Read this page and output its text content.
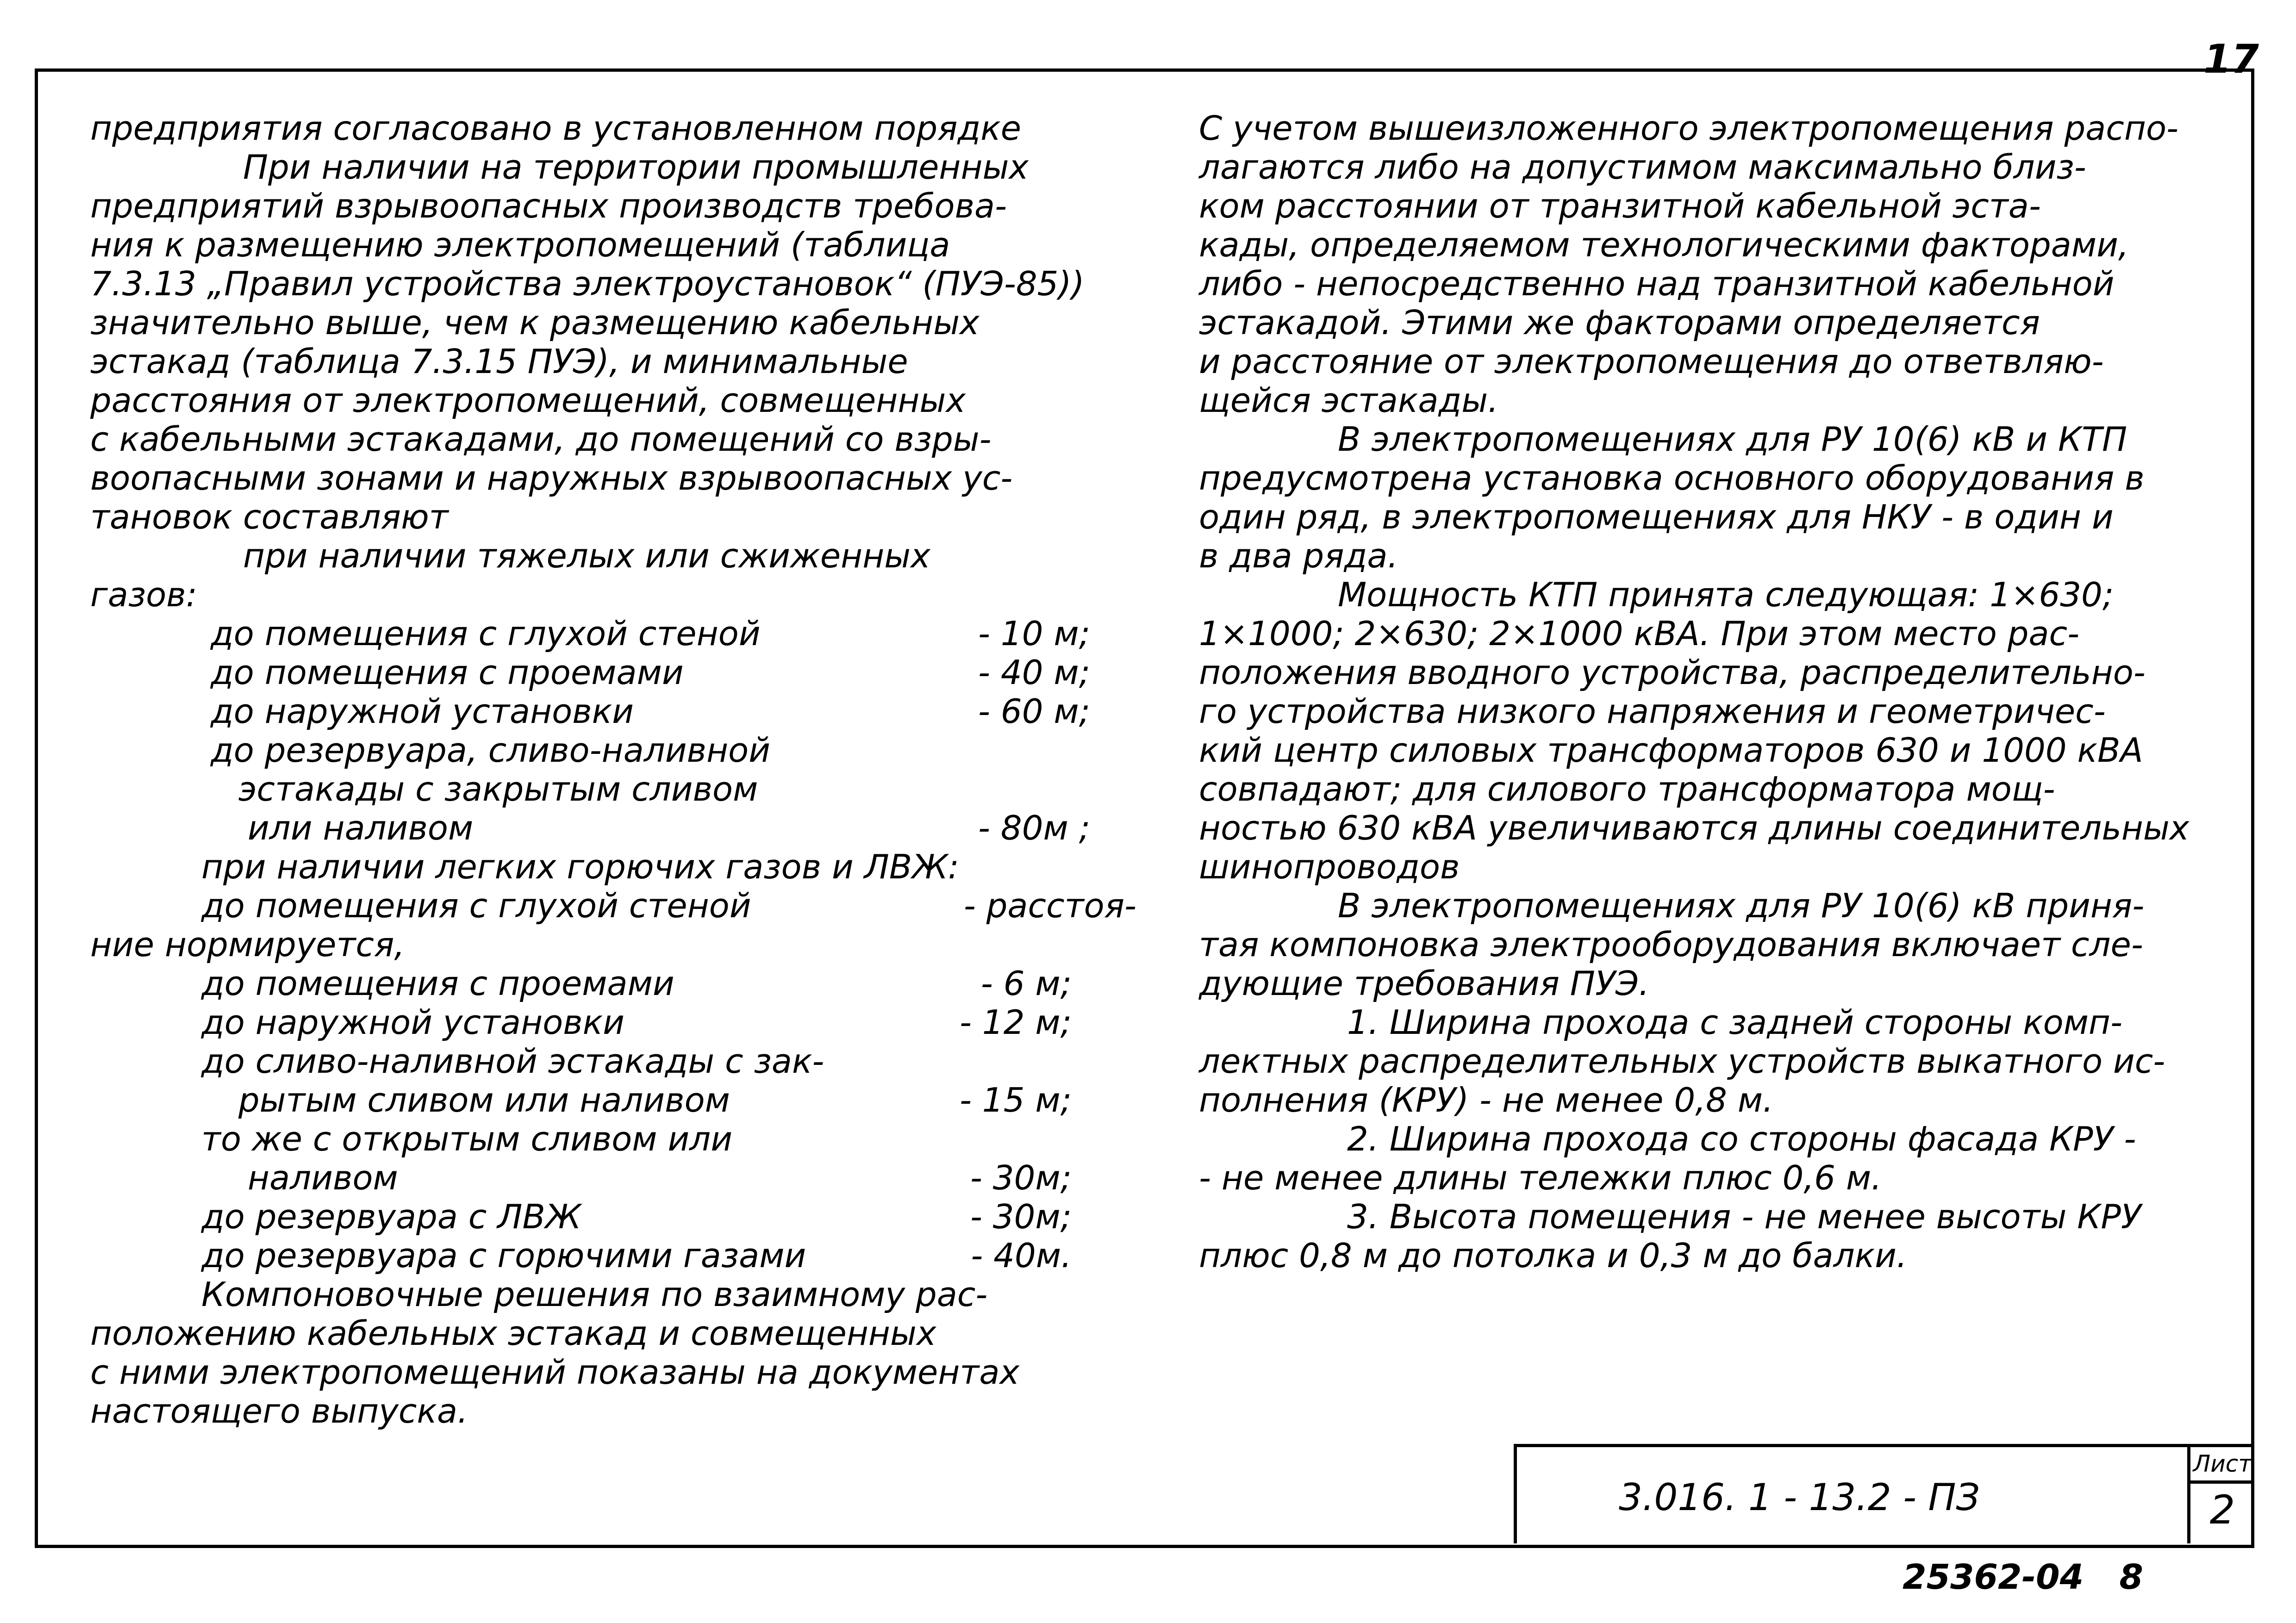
17
предприятия согласовано в установленном порядке
При наличии на территории промышленных
предприятий взрывоопасных производств требова-
ния к размещению электропомещений (таблица
7.3.13 „Правил устройства электроустановок“ (ПУЭ-85))
значительно выше, чем к размещению кабельных
эстакад (таблица 7.3.15 ПУЭ), и минимальные
расстояния от электропомещений, совмещенных
с кабельными эстакадами, до помещений со взры-
воопасными зонами и наружных взрывоопасных ус-
тановок составляют
при наличии тяжелых или сжиженных
газов:
до помещения с глухой стеной	- 10 м;
до помещения с проемами	- 40 м;
до наружной установки	- 60 м;
до резервуара, сливо-наливной
эстакады с закрытым сливом
или наливом	- 80м ;
при наличии легких горючих газов и ЛВЖ:
до помещения с глухой стеной	- расстоя-
ние нормируется,
до помещения с проемами	- 6 м;
до наружной установки	- 12 м;
до сливо-наливной эстакады с зак-
рытым сливом или наливом	- 15 м;
то же с открытым сливом или
наливом	- 30м;
до резервуара с ЛВЖ	- 30м;
до резервуара с горючими газами	- 40м.
Компоновочные решения по взаимному рас-
положению кабельных эстакад и совмещенных
с ними электропомещений показаны на документах
настоящего выпуска.
С учетом вышеизложенного электропомещения распо-
лагаются либо на допустимом максимально близ-
ком расстоянии от транзитной кабельной эста-
кады, определяемом технологическими факторами,
либо - непосредственно над транзитной кабельной
эстакадой. Этими же факторами определяется
и расстояние от электропомещения до ответвляю-
щейся эстакады.
В электропомещениях для РУ 10(6) кВ и КТП
предусмотрена установка основного оборудования в
один ряд, в электропомещениях для НКУ - в один и
в два ряда.
Мощность КТП принята следующая: 1×630;
1×1000; 2×630; 2×1000 кВА. При этом место рас-
положения вводного устройства, распределительно-
го устройства низкого напряжения и геометричес-
кий центр силовых трансформаторов 630 и 1000 кВА
совпадают; для силового трансформатора мощ-
ностью 630 кВА увеличиваются длины соединительных
шинопроводов
В электропомещениях для РУ 10(6) кВ приня-
тая компоновка электрооборудования включает сле-
дующие требования ПУЭ.
1. Ширина прохода с задней стороны комп-
лектных распределительных устройств выкатного ис-
полнения (КРУ) - не менее 0,8 м.
2. Ширина прохода со стороны фасада КРУ -
- не менее длины тележки плюс 0,6 м.
3. Высота помещения - не менее высоты КРУ
плюс 0,8 м до потолка и 0,3 м до балки.
3.016. 1 - 13.2 - ПЗ
Лист
2
25362-04   8
